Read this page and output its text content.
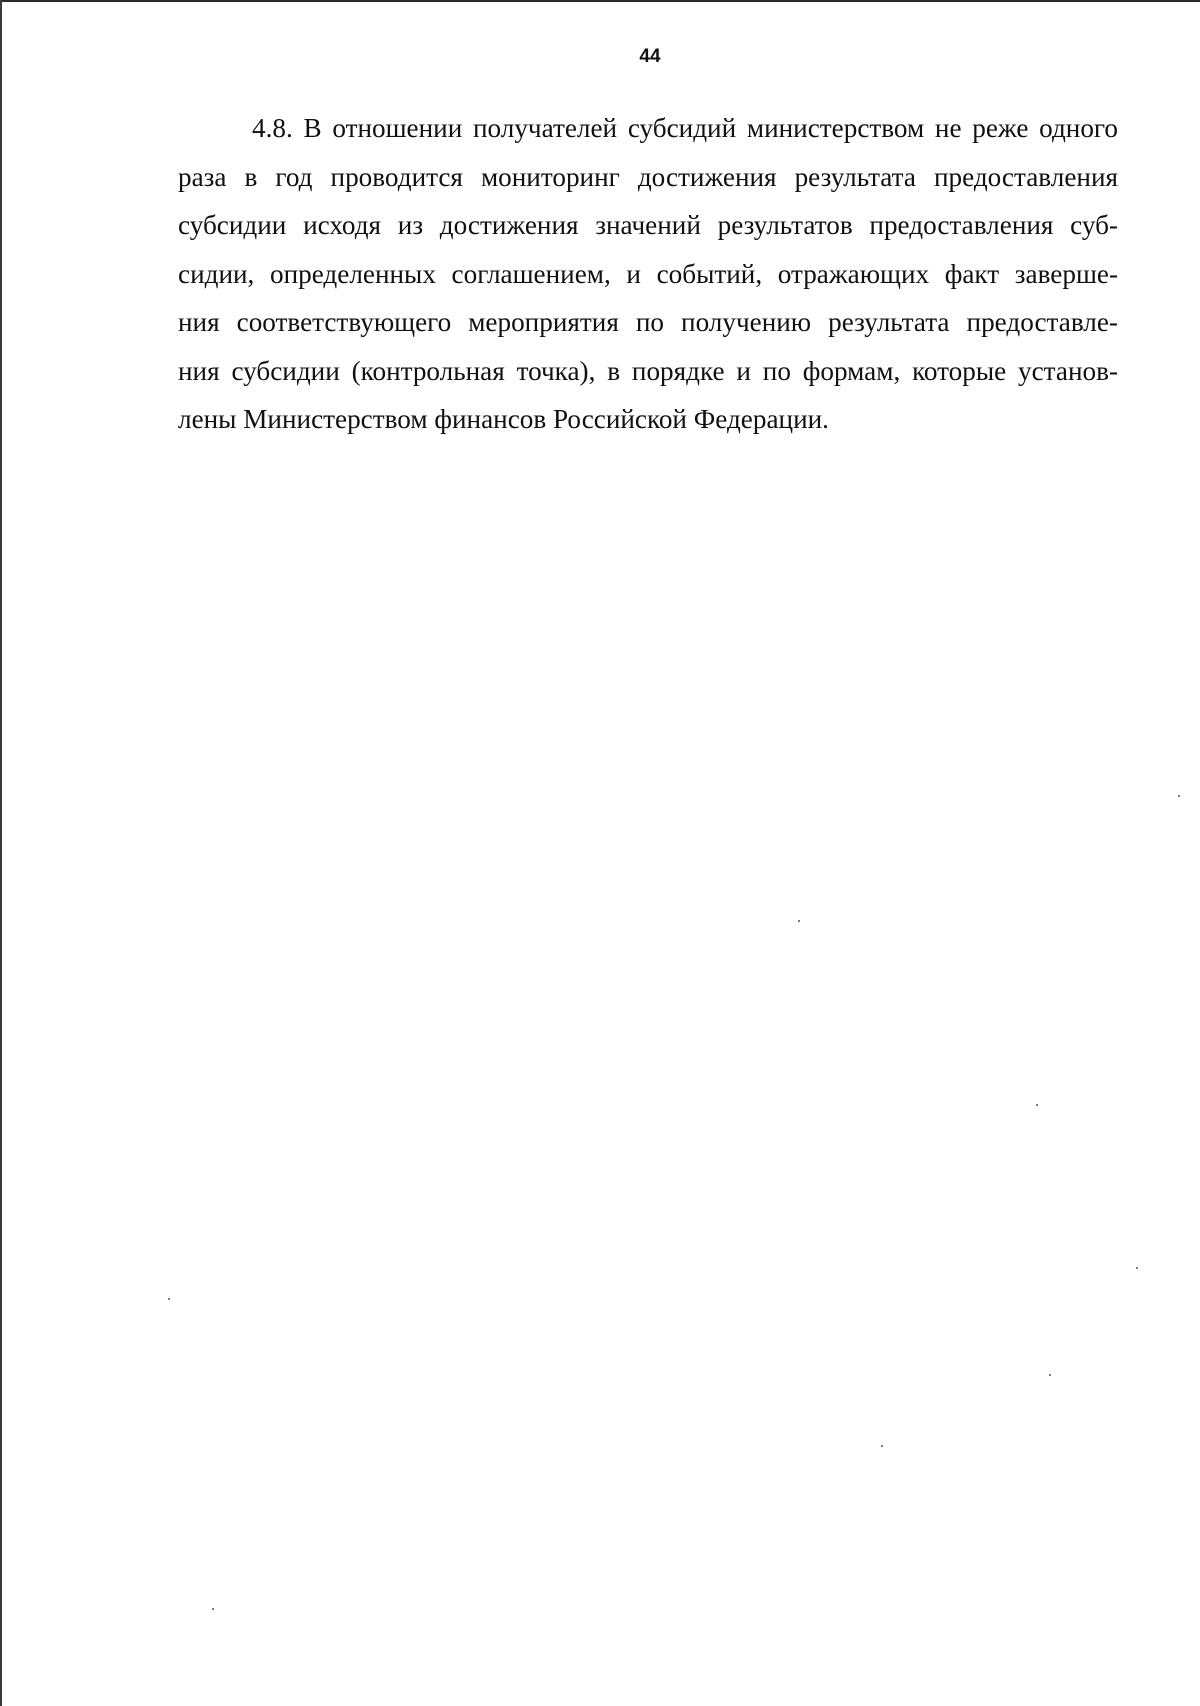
44

4.8. В отношении получателей субсидий министерством не реже одного
раза в год проводится мониторинг достижения результата предоставления
субсидии исходя из достижения значений результатов предоставления суб-
сидии, определенных соглашением, и событий, отражающих факт заверше-
ния соответствующего мероприятия по получению результата предоставле-
ния субсидии (контрольная точка), в порядке и по формам, которые установ-
лены Министерством финансов Российской Федерации.
